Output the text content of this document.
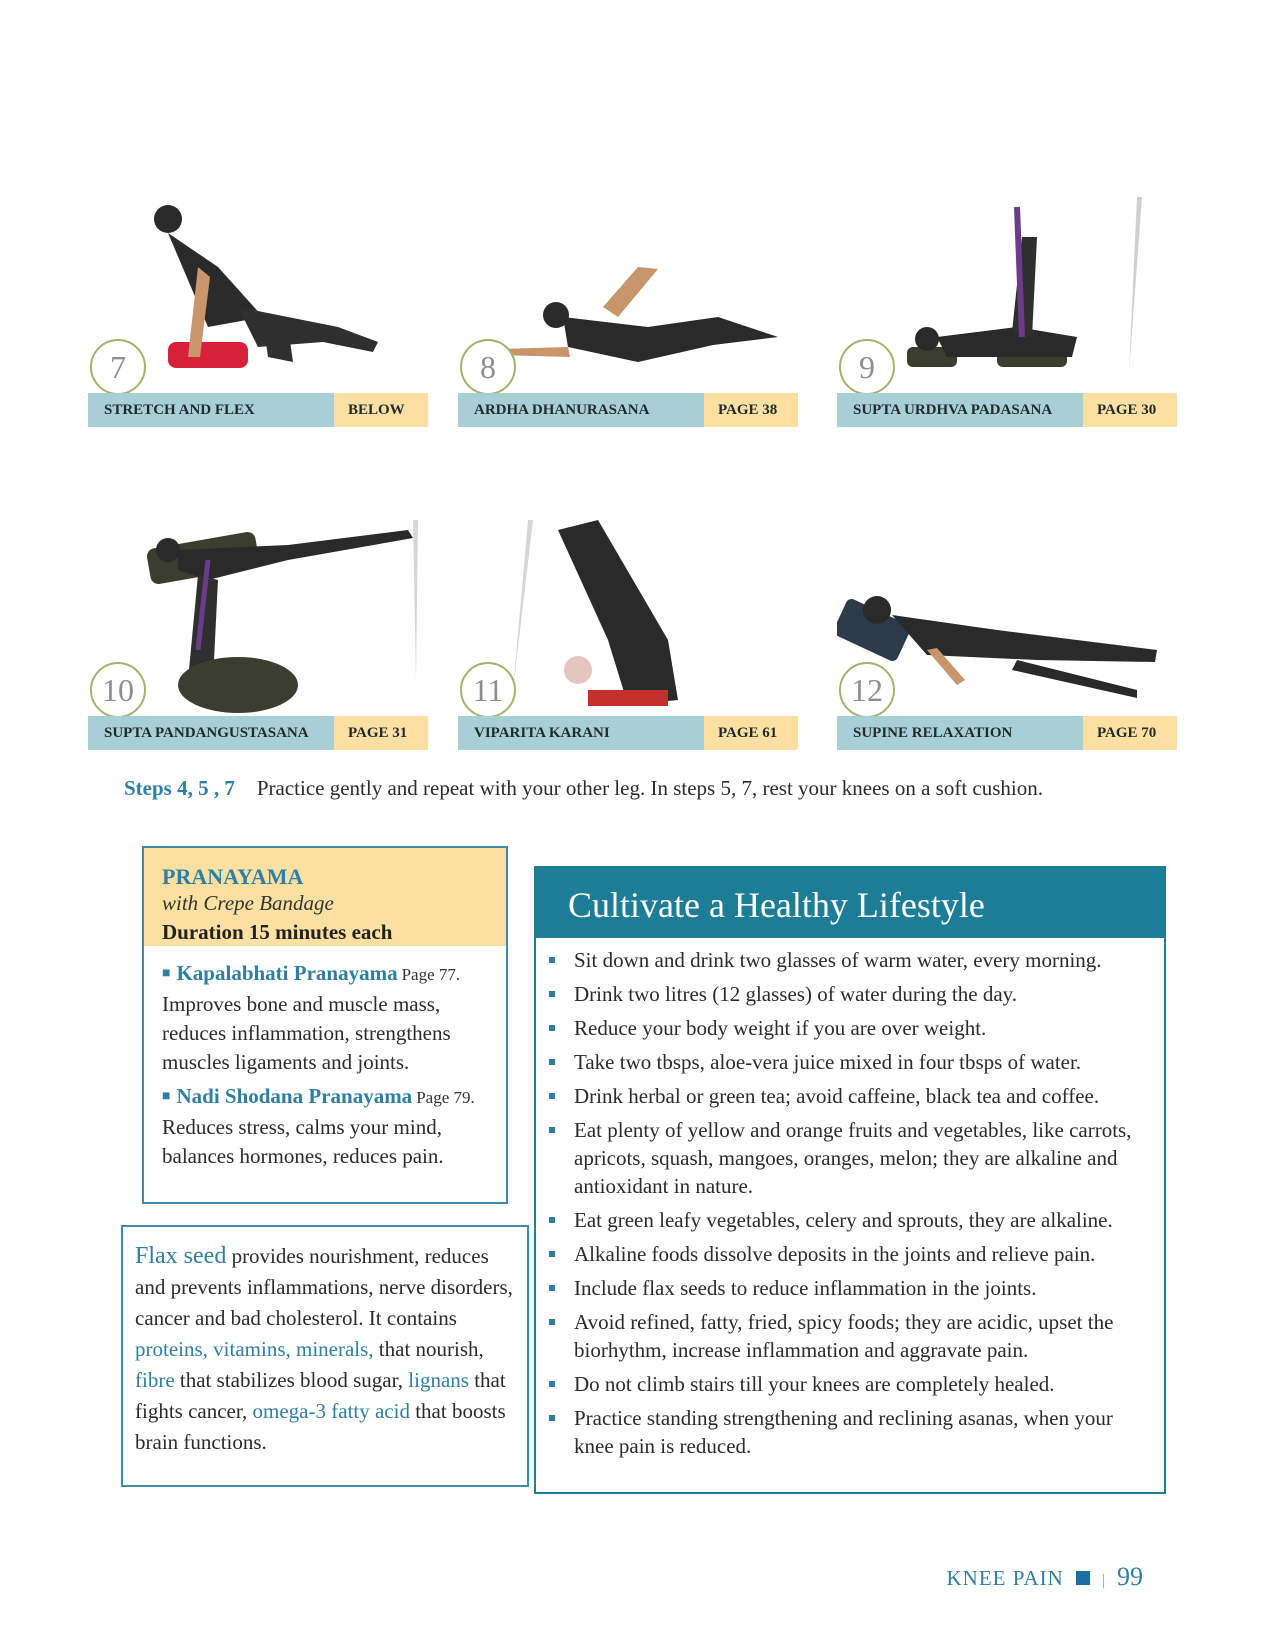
7
STRETCH AND FLEX	BELOW
8
ARDHA DHANURASANA	PAGE 38
9
SUPTA URDHVA PADASANA	PAGE 30
10
SUPTA PANDANGUSTASANA	PAGE 31
11
VIPARITA KARANI	PAGE 61
12
SUPINE RELAXATION	PAGE 70
Steps 4, 5 , 7 Practice gently and repeat with your other leg. In steps 5, 7, rest your knees on a soft cushion.
PRANAYAMA
with Crepe Bandage
Duration 15 minutes each
■ Kapalabhati Pranayama Page 77.
Improves bone and muscle mass, reduces inflammation, strengthens muscles ligaments and joints.
■ Nadi Shodana Pranayama Page 79.
Reduces stress, calms your mind, balances hormones, reduces pain.
Flax seed provides nourishment, reduces and prevents inflammations, nerve disorders, cancer and bad cholesterol. It contains proteins, vitamins, minerals, that nourish, fibre that stabilizes blood sugar, lignans that fights cancer, omega-3 fatty acid that boosts brain functions.
Cultivate a Healthy Lifestyle
Sit down and drink two glasses of warm water, every morning.
Drink two litres (12 glasses) of water during the day.
Reduce your body weight if you are over weight.
Take two tbsps, aloe-vera juice mixed in four tbsps of water.
Drink herbal or green tea; avoid caffeine, black tea and coffee.
Eat plenty of yellow and orange fruits and vegetables, like carrots, apricots, squash, mangoes, oranges, melon; they are alkaline and antioxidant in nature.
Eat green leafy vegetables, celery and sprouts, they are alkaline.
Alkaline foods dissolve deposits in the joints and relieve pain.
Include flax seeds to reduce inflammation in the joints.
Avoid refined, fatty, fried, spicy foods; they are acidic, upset the biorhythm, increase inflammation and aggravate pain.
Do not climb stairs till your knees are completely healed.
Practice standing strengthening and reclining asanas, when your knee pain is reduced.
KNEE PAIN | 99
